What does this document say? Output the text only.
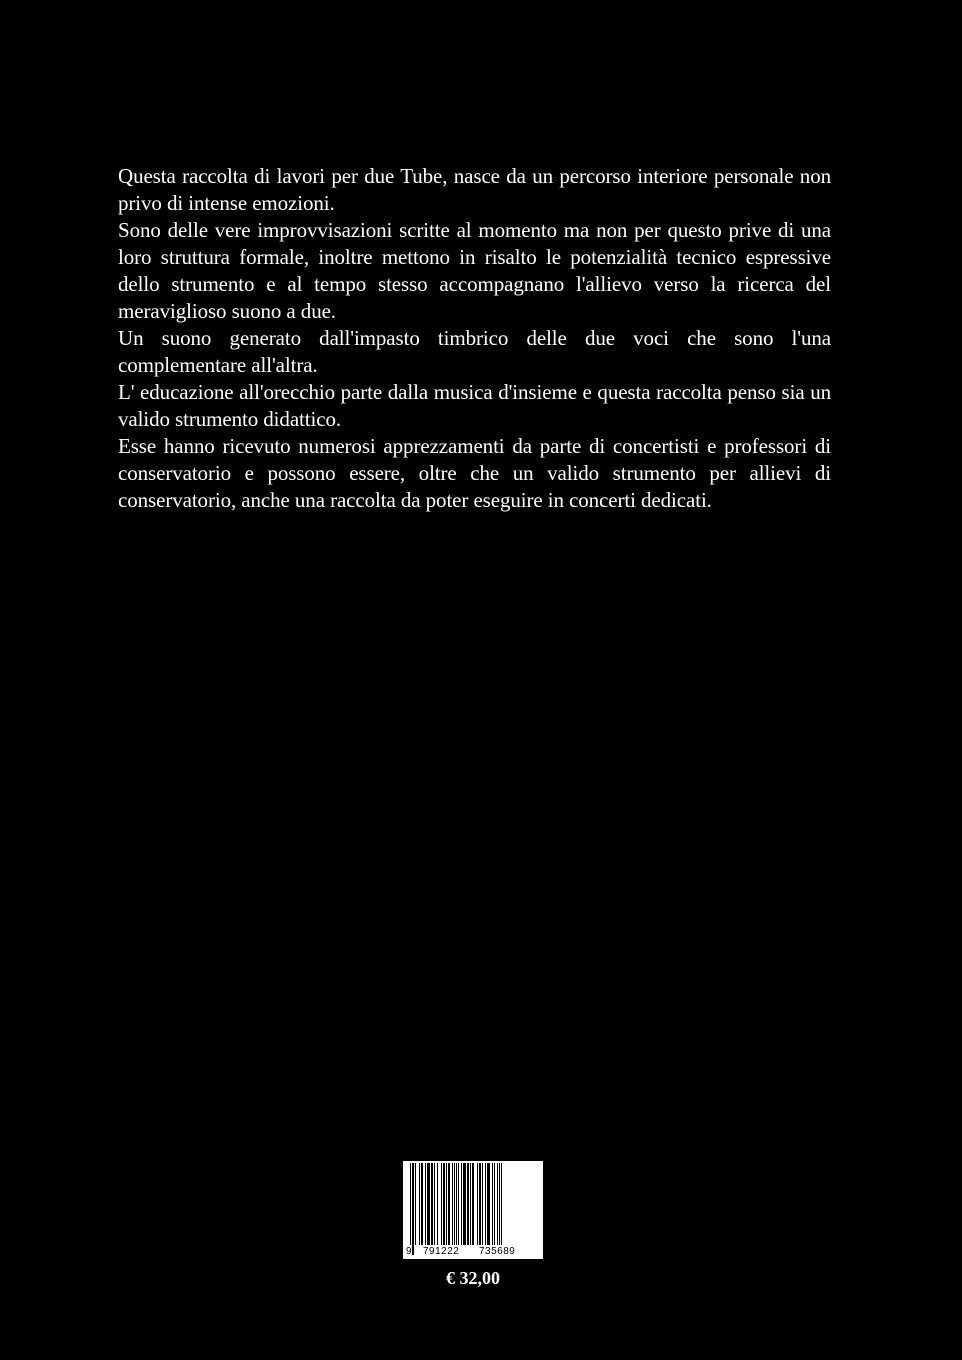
Questa raccolta di lavori per due Tube, nasce da un percorso interiore personale non privo di intense emozioni.

Sono delle vere improvvisazioni scritte al momento ma non per questo prive di una loro struttura formale, inoltre mettono in risalto le potenzialità tecnico espressive dello strumento e al tempo stesso accompagnano l'allievo verso la ricerca del meraviglioso suono a due.

Un suono generato dall'impasto timbrico delle due voci che sono l'una complementare all'altra.

L' educazione all'orecchio parte dalla musica d'insieme e questa raccolta penso sia un valido strumento didattico.

Esse hanno ricevuto numerosi apprezzamenti da parte di concertisti e professori di conservatorio e possono essere, oltre che un valido strumento per allievi di conservatorio, anche una raccolta da poter eseguire in concerti dedicati.

9 791222 735689
€ 32,00
